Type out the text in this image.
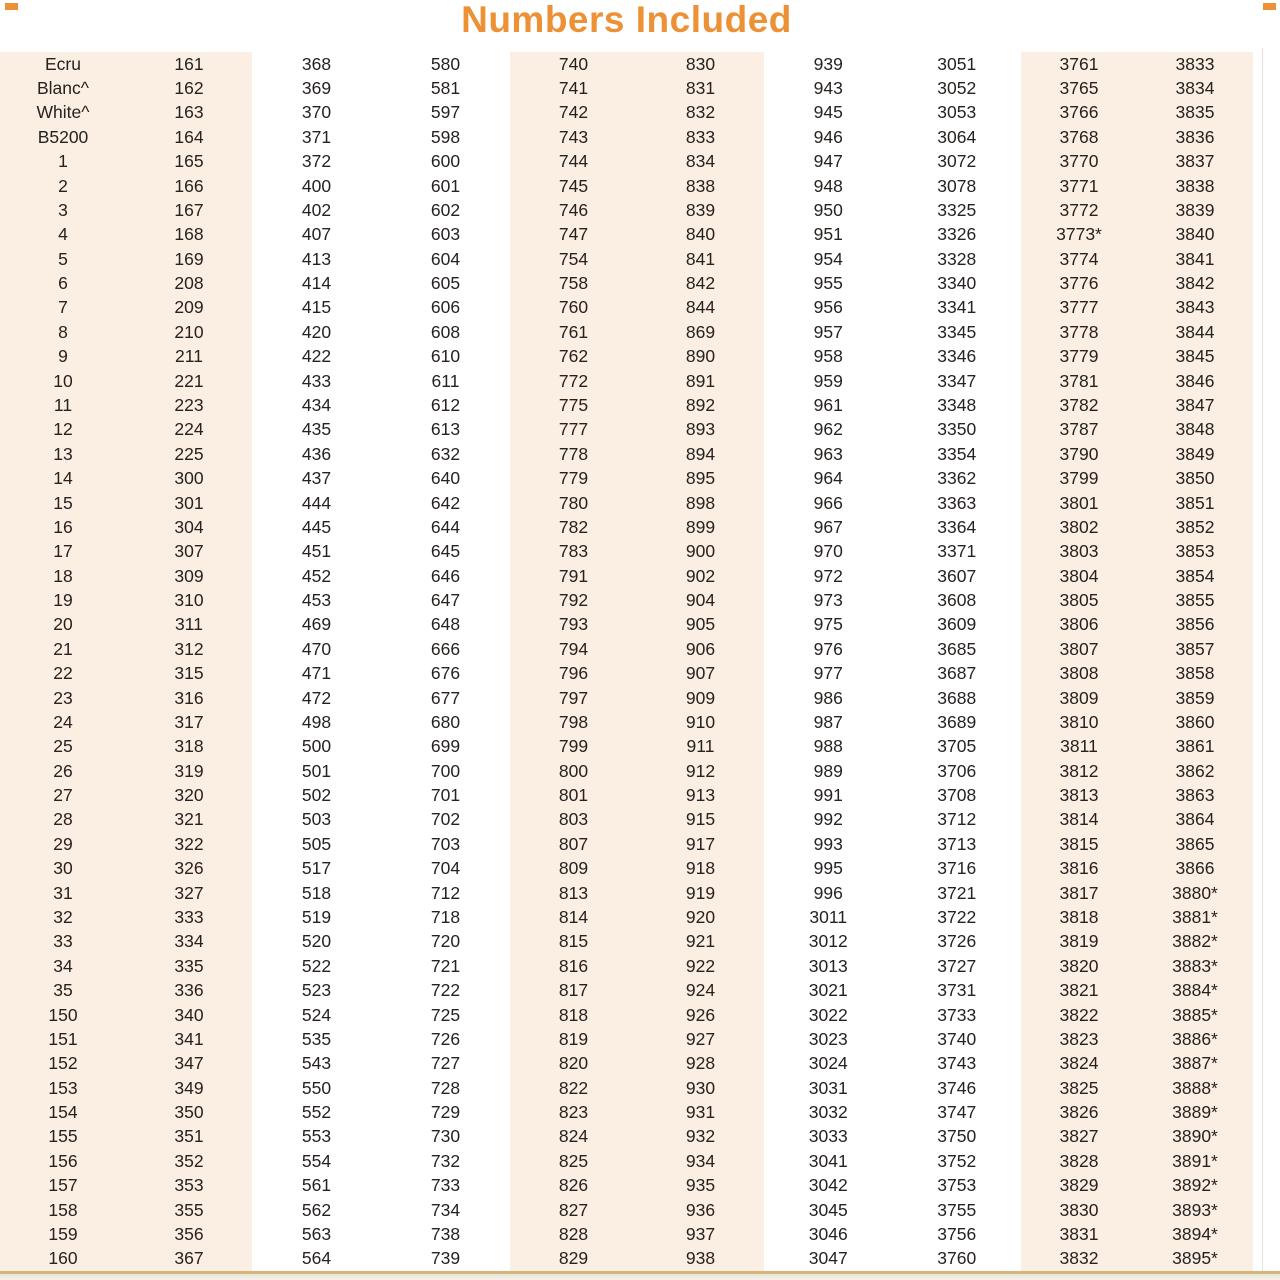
Numbers Included
Ecru
Blanc^
White^
B5200
1
2
3
4
5
6
7
8
9
10
11
12
13
14
15
16
17
18
19
20
21
22
23
24
25
26
27
28
29
30
31
32
33
34
35
150
151
152
153
154
155
156
157
158
159
160
161
162
163
164
165
166
167
168
169
208
209
210
211
221
223
224
225
300
301
304
307
309
310
311
312
315
316
317
318
319
320
321
322
326
327
333
334
335
336
340
341
347
349
350
351
352
353
355
356
367
368
369
370
371
372
400
402
407
413
414
415
420
422
433
434
435
436
437
444
445
451
452
453
469
470
471
472
498
500
501
502
503
505
517
518
519
520
522
523
524
535
543
550
552
553
554
561
562
563
564
580
581
597
598
600
601
602
603
604
605
606
608
610
611
612
613
632
640
642
644
645
646
647
648
666
676
677
680
699
700
701
702
703
704
712
718
720
721
722
725
726
727
728
729
730
732
733
734
738
739
740
741
742
743
744
745
746
747
754
758
760
761
762
772
775
777
778
779
780
782
783
791
792
793
794
796
797
798
799
800
801
803
807
809
813
814
815
816
817
818
819
820
822
823
824
825
826
827
828
829
830
831
832
833
834
838
839
840
841
842
844
869
890
891
892
893
894
895
898
899
900
902
904
905
906
907
909
910
911
912
913
915
917
918
919
920
921
922
924
926
927
928
930
931
932
934
935
936
937
938
939
943
945
946
947
948
950
951
954
955
956
957
958
959
961
962
963
964
966
967
970
972
973
975
976
977
986
987
988
989
991
992
993
995
996
3011
3012
3013
3021
3022
3023
3024
3031
3032
3033
3041
3042
3045
3046
3047
3051
3052
3053
3064
3072
3078
3325
3326
3328
3340
3341
3345
3346
3347
3348
3350
3354
3362
3363
3364
3371
3607
3608
3609
3685
3687
3688
3689
3705
3706
3708
3712
3713
3716
3721
3722
3726
3727
3731
3733
3740
3743
3746
3747
3750
3752
3753
3755
3756
3760
3761
3765
3766
3768
3770
3771
3772
3773*
3774
3776
3777
3778
3779
3781
3782
3787
3790
3799
3801
3802
3803
3804
3805
3806
3807
3808
3809
3810
3811
3812
3813
3814
3815
3816
3817
3818
3819
3820
3821
3822
3823
3824
3825
3826
3827
3828
3829
3830
3831
3832
3833
3834
3835
3836
3837
3838
3839
3840
3841
3842
3843
3844
3845
3846
3847
3848
3849
3850
3851
3852
3853
3854
3855
3856
3857
3858
3859
3860
3861
3862
3863
3864
3865
3866
3880*
3881*
3882*
3883*
3884*
3885*
3886*
3887*
3888*
3889*
3890*
3891*
3892*
3893*
3894*
3895*
